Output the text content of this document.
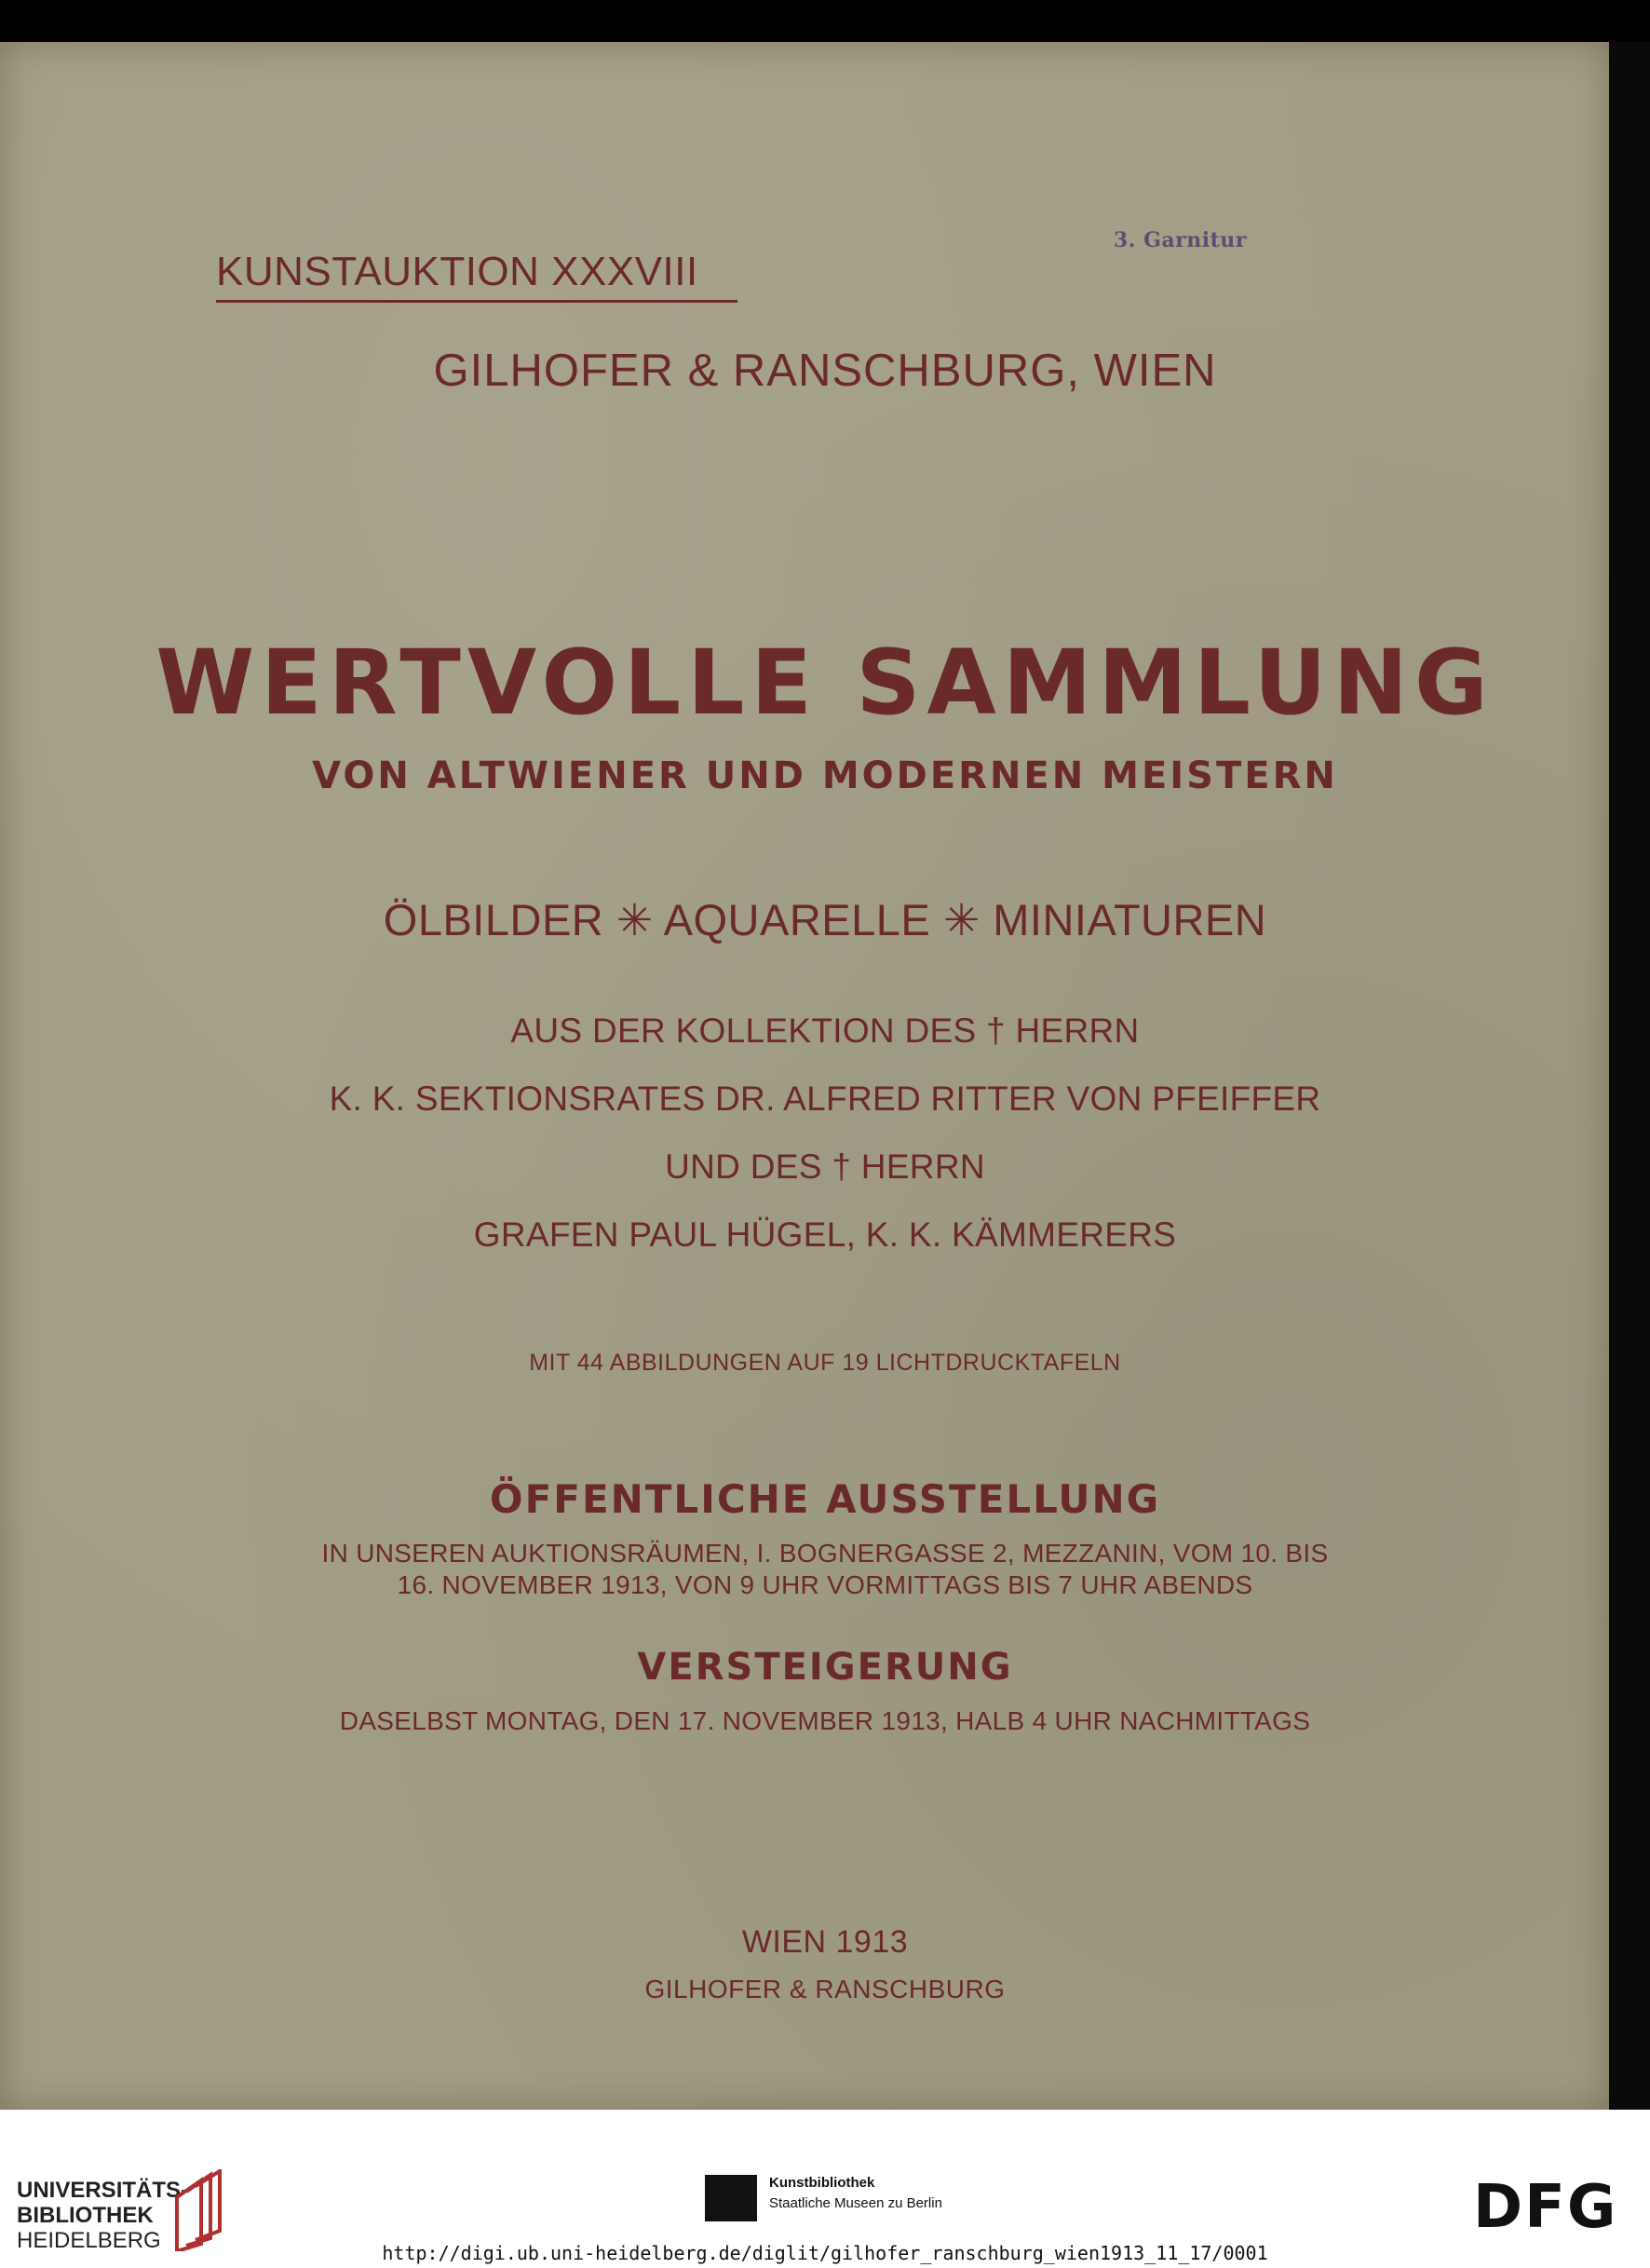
KUNSTAUKTION XXXVIII
3. Garnitur
GILHOFER & RANSCHBURG, WIEN
WERTVOLLE SAMMLUNG
VON ALTWIENER UND MODERNEN MEISTERN
ÖLBILDER ✳ AQUARELLE ✳ MINIATUREN
AUS DER KOLLEKTION DES † HERRN
K. K. SEKTIONSRATES DR. ALFRED RITTER VON PFEIFFER
UND DES † HERRN
GRAFEN PAUL HÜGEL, K. K. KÄMMERERS
MIT 44 ABBILDUNGEN AUF 19 LICHTDRUCKTAFELN
ÖFFENTLICHE AUSSTELLUNG
IN UNSEREN AUKTIONSRÄUMEN, I. BOGNERGASSE 2, MEZZANIN, VOM 10. BIS
16. NOVEMBER 1913, VON 9 UHR VORMITTAGS BIS 7 UHR ABENDS
VERSTEIGERUNG
DASELBST MONTAG, DEN 17. NOVEMBER 1913, HALB 4 UHR NACHMITTAGS
WIEN 1913
GILHOFER & RANSCHBURG
UNIVERSITÄTS-
BIBLIOTHEK
HEIDELBERG
Kunstbibliothek
Staatliche Museen zu Berlin	DFG
http://digi.ub.uni-heidelberg.de/diglit/gilhofer_ranschburg_wien1913_11_17/0001
